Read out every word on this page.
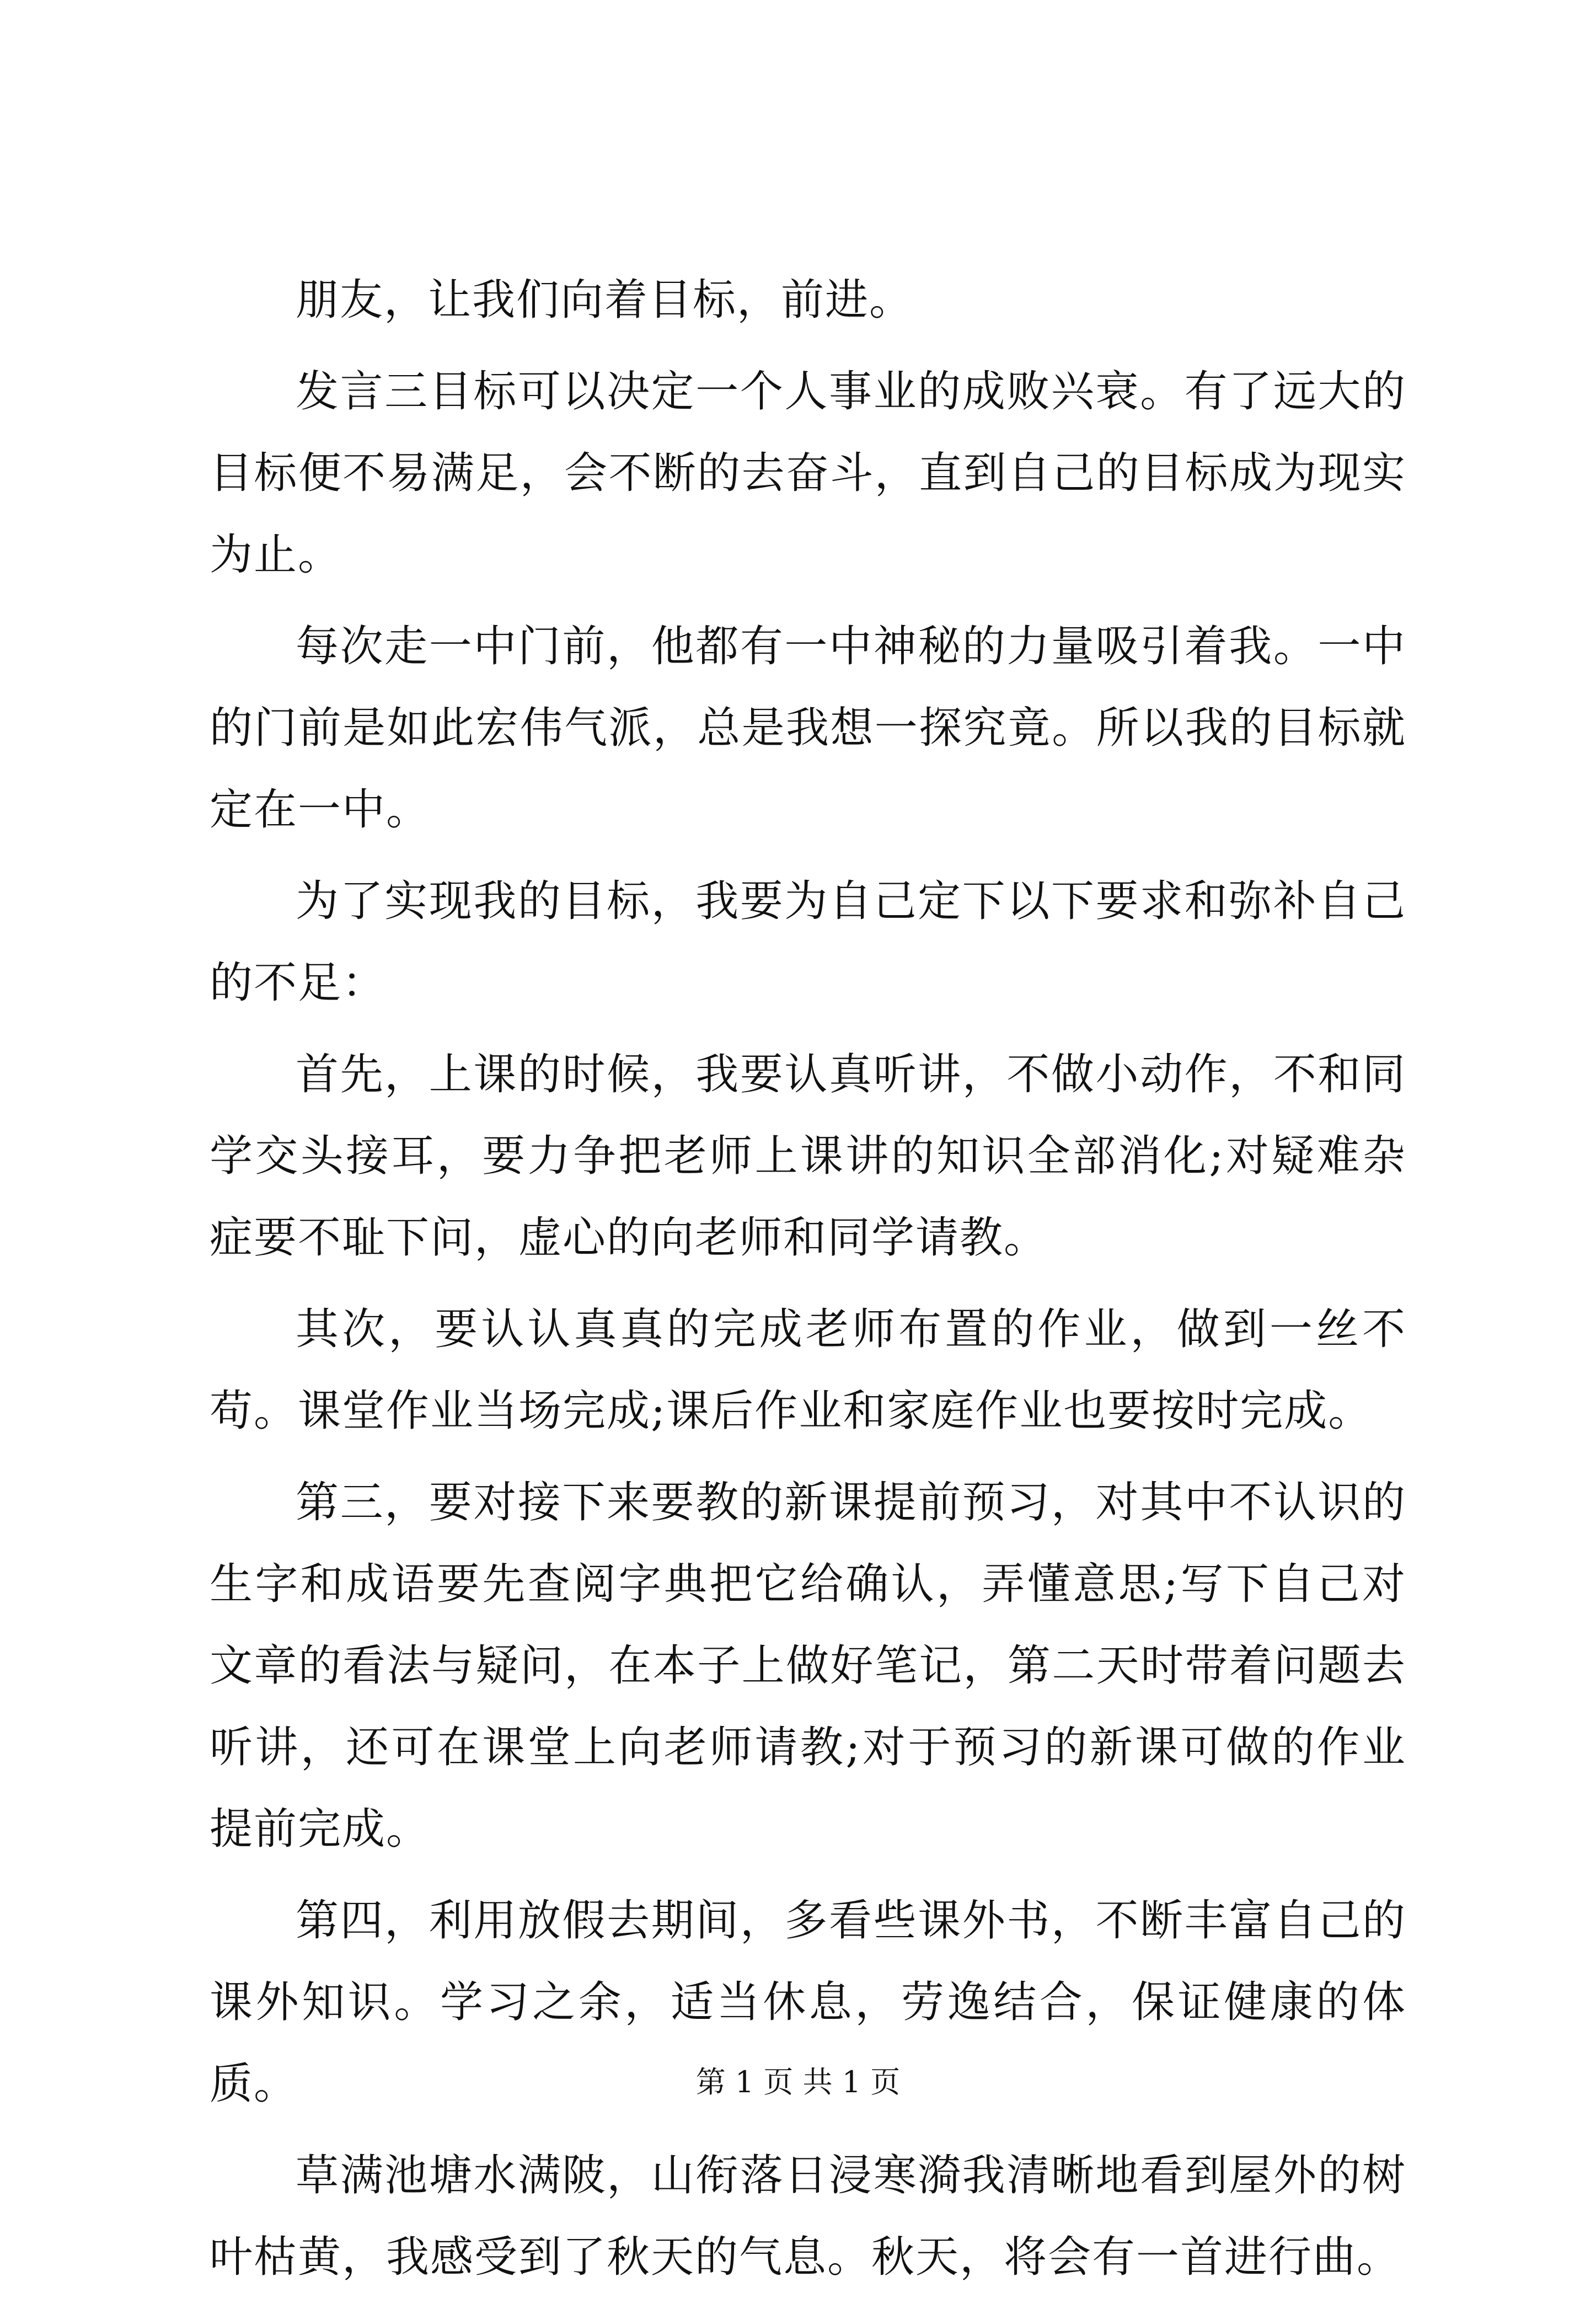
朋友，让我们向着目标，前进。

发言三目标可以决定一个人事业的成败兴衰。有了远大的目标便不易满足，会不断的去奋斗，直到自己的目标成为现实为止。

每次走一中门前，他都有一中神秘的力量吸引着我。一中的门前是如此宏伟气派，总是我想一探究竟。所以我的目标就定在一中。

为了实现我的目标，我要为自己定下以下要求和弥补自己的不足：

首先，上课的时候，我要认真听讲，不做小动作，不和同学交头接耳，要力争把老师上课讲的知识全部消化;对疑难杂症要不耻下问，虚心的向老师和同学请教。

其次，要认认真真的完成老师布置的作业，做到一丝不苟。课堂作业当场完成;课后作业和家庭作业也要按时完成。

第三，要对接下来要教的新课提前预习，对其中不认识的生字和成语要先查阅字典把它给确认，弄懂意思;写下自己对文章的看法与疑问，在本子上做好笔记，第二天时带着问题去听讲，还可在课堂上向老师请教;对于预习的新课可做的作业提前完成。

第四，利用放假去期间，多看些课外书，不断丰富自己的课外知识。学习之余，适当休息，劳逸结合，保证健康的体质。

草满池塘水满陂，山衔落日浸寒漪我清晰地看到屋外的树叶枯黄，我感受到了秋天的气息。秋天，将会有一首进行曲。

第 1 页 共 1 页
